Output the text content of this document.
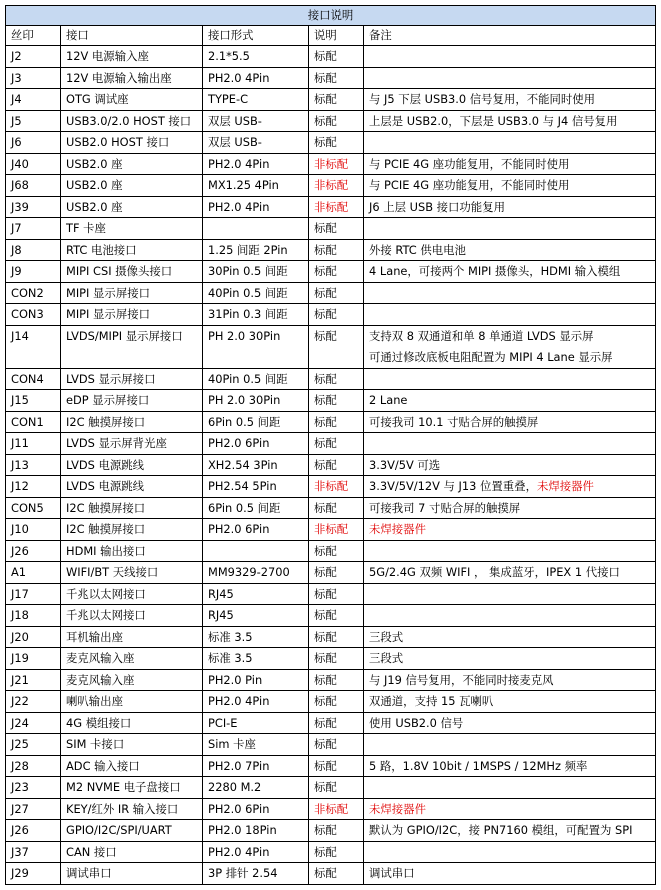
接口说明				
丝印	接口	接口形式	说明	备注
J2	12V 电源输入座	2.1*5.5	标配	
J3	12V 电源输入输出座	PH2.0 4Pin	标配	
J4	OTG 调试座	TYPE-C	标配	与 J5 下层 USB3.0 信号复用，不能同时使用
J5	USB3.0/2.0 HOST 接口	双层 USB-	标配	上层是 USB2.0，下层是 USB3.0 与 J4 信号复用
J6	USB2.0 HOST 接口	双层 USB-	标配	
J40	USB2.0 座	PH2.0 4Pin	非标配	与 PCIE 4G 座功能复用，不能同时使用
J68	USB2.0 座	MX1.25 4Pin	非标配	与 PCIE 4G 座功能复用，不能同时使用
J39	USB2.0 座	PH2.0 4Pin	非标配	J6 上层 USB 接口功能复用
J7	TF 卡座		标配	
J8	RTC 电池接口	1.25 间距 2Pin	标配	外接 RTC 供电电池
J9	MIPI CSI 摄像头接口	30Pin 0.5 间距	标配	4 Lane，可接两个 MIPI 摄像头，HDMI 输入模组
CON2	MIPI 显示屏接口	40Pin 0.5 间距	标配	
CON3	MIPI 显示屏接口	31Pin 0.3 间距	标配	
J14	LVDS/MIPI 显示屏接口	PH 2.0 30Pin	标配	支持双 8 双通道和单 8 单通道 LVDS 显示屏
可通过修改底板电阻配置为 MIPI 4 Lane 显示屏

CON4	LVDS 显示屏接口	40Pin 0.5 间距	标配	
J15	eDP 显示屏接口	PH 2.0 30Pin	标配	2 Lane
CON1	I2C 触摸屏接口	6Pin 0.5 间距	标配	可接我司 10.1 寸贴合屏的触摸屏
J11	LVDS 显示屏背光座	PH2.0 6Pin	标配	
J13	LVDS 电源跳线	XH2.54 3Pin	标配	3.3V/5V 可选
J12	LVDS 电源跳线	PH2.54 5Pin	非标配	3.3V/5V/12V 与 J13 位置重叠，未焊接器件
CON5	I2C 触摸屏接口	6Pin 0.5 间距	标配	可接我司 7 寸贴合屏的触摸屏
J10	I2C 触摸屏接口	PH2.0 6Pin	非标配	未焊接器件
J26	HDMI 输出接口		标配	
A1	WIFI/BT 天线接口	MM9329-2700	标配	5G/2.4G 双频 WIFI ， 集成蓝牙，IPEX 1 代接口
J17	千兆以太网接口	RJ45	标配	
J18	千兆以太网接口	RJ45	标配	
J20	耳机输出座	标准 3.5	标配	三段式
J19	麦克风输入座	标准 3.5	标配	三段式
J21	麦克风输入座	PH2.0 Pin	标配	与 J19 信号复用，不能同时接麦克风
J22	喇叭输出座	PH2.0 4Pin	标配	双通道，支持 15 瓦喇叭
J24	4G 模组接口	PCI-E	标配	使用 USB2.0 信号
J25	SIM 卡接口	Sim 卡座	标配	
J28	ADC 输入接口	PH2.0 7Pin	标配	5 路，1.8V 10bit / 1MSPS / 12MHz 频率
J23	M2 NVME 电子盘接口	2280 M.2	标配	
J27	KEY/红外 IR 输入接口	PH2.0 6Pin	非标配	未焊接器件
J26	GPIO/I2C/SPI/UART	PH2.0 18Pin	标配	默认为 GPIO/I2C，接 PN7160 模组，可配置为 SPI
J37	CAN 接口	PH2.0 4Pin	标配	
J29	调试串口	3P 排针 2.54	标配	调试串口
